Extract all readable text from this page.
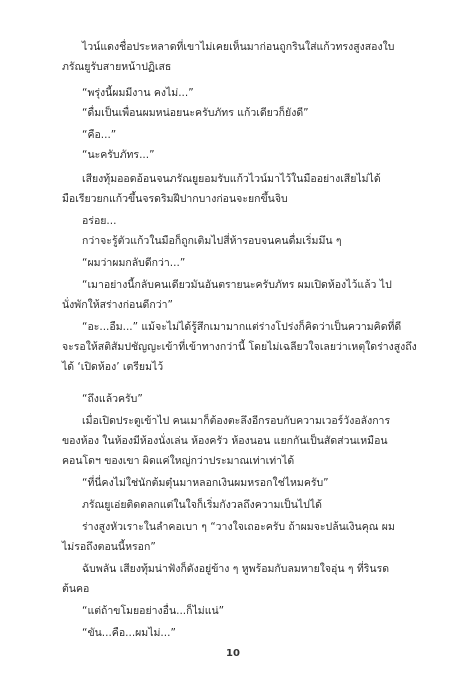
ไวน์แดงชื่อประหลาดที่เขาไม่เคยเห็นมาก่อนถูกรินใส่แก้วทรงสูงสองใบ
ภรัณยูรับสายหน้าปฏิเสธ
“พรุ่งนี้ผมมีงาน คงไม่...”
“ดื่มเป็นเพื่อนผมหน่อยนะครับภัทร แก้วเดียวก็ยังดี”
“คือ...”
“นะครับภัทร...”
เสียงทุ้มออดอ้อนจนภรัณยูยอมรับแก้วไวน์มาไว้ในมืออย่างเสียไม่ได้
มือเรียวยกแก้วขึ้นจรดริมฝีปากบางก่อนจะยกขึ้นจิบ
อร่อย...
กว่าจะรู้ตัวแก้วในมือก็ถูกเติมไปสี่ห้ารอบจนคนดื่มเริ่มมึน ๆ
“ผมว่าผมกลับดีกว่า...”
“เมาอย่างนี้กลับคนเดียวมันอันตรายนะครับภัทร ผมเปิดห้องไว้แล้ว ไป
นั่งพักให้สร่างก่อนดีกว่า”
“อะ...อืม...” แม้จะไม่ได้รู้สึกเมามากแต่ร่างโปร่งก็คิดว่าเป็นความคิดที่ดี
จะรอให้สติสัมปชัญญะเข้าที่เข้าทางกว่านี้ โดยไม่เฉลียวใจเลยว่าเหตุใดร่างสูงถึง
ได้ ‘เปิดห้อง’ เตรียมไว้
“ถึงแล้วครับ”
เมื่อเปิดประตูเข้าไป คนเมาก็ต้องตะลึงอีกรอบกับความเวอร์วังอลังการ
ของห้อง ในห้องมีห้องนั่งเล่น ห้องครัว ห้องนอน แยกกันเป็นสัดส่วนเหมือน
คอนโดฯ ของเขา ผิดแค่ใหญ่กว่าประมาณเท่าเท่าได้
“ที่นี่คงไม่ใช่นักต้มตุ๋นมาหลอกเงินผมหรอกใช่ไหมครับ”
ภรัณยูเอ่ยติดตลกแต่ในใจก็เริ่มกังวลถึงความเป็นไปได้
ร่างสูงหัวเราะในลำคอเบา ๆ “วางใจเถอะครับ ถ้าผมจะปล้นเงินคุณ ผม
ไม่รอถึงตอนนี้หรอก”
ฉับพลัน เสียงทุ้มน่าฟังก็ดังอยู่ข้าง ๆ หูพร้อมกับลมหายใจอุ่น ๆ ที่รินรด
ต้นคอ
“แต่ถ้าขโมยอย่างอื่น...ก็ไม่แน่”
“ขัน...คือ...ผมไม่...”
10
